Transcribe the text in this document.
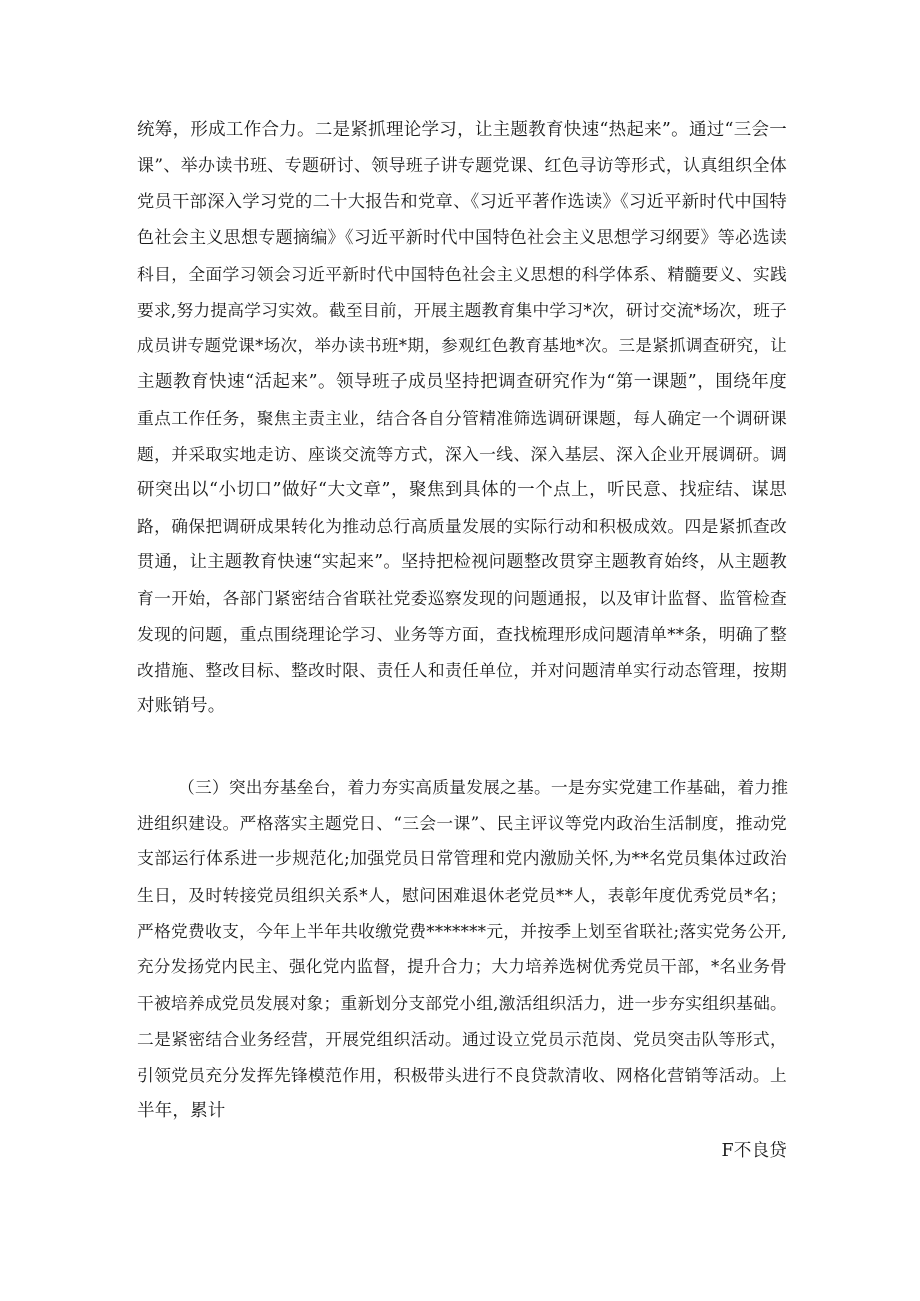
统筹，形成工作合力。二是紧抓理论学习，让主题教育快速“热起来”。通过“三会一
课”、举办读书班、专题研讨、领导班子讲专题党课、红色寻访等形式，认真组织全体
党员干部深入学习党的二十大报告和党章、《习近平著作选读》《习近平新时代中国特
色社会主义思想专题摘编》《习近平新时代中国特色社会主义思想学习纲要》等必选读
科目，全面学习领会习近平新时代中国特色社会主义思想的科学体系、精髓要义、实践
要求,努力提高学习实效。截至目前，开展主题教育集中学习*次，研讨交流*场次，班子
成员讲专题党课*场次，举办读书班*期，参观红色教育基地*次。三是紧抓调查研究，让
主题教育快速“活起来”。领导班子成员坚持把调查研究作为“第一课题”，围绕年度
重点工作任务，聚焦主责主业，结合各自分管精准筛选调研课题，每人确定一个调研课
题，并采取实地走访、座谈交流等方式，深入一线、深入基层、深入企业开展调研。调
研突出以“小切口”做好“大文章”，聚焦到具体的一个点上，听民意、找症结、谋思
路，确保把调研成果转化为推动总行高质量发展的实际行动和积极成效。四是紧抓查改
贯通，让主题教育快速“实起来”。坚持把检视问题整改贯穿主题教育始终，从主题教
育一开始，各部门紧密结合省联社党委巡察发现的问题通报，以及审计监督、监管检查
发现的问题，重点围绕理论学习、业务等方面，查找梳理形成问题清单**条，明确了整
改措施、整改目标、整改时限、责任人和责任单位，并对问题清单实行动态管理，按期
对账销号。
（三）突出夯基垒台，着力夯实高质量发展之基。一是夯实党建工作基础，着力推
进组织建设。严格落实主题党日、“三会一课”、民主评议等党内政治生活制度，推动党
支部运行体系进一步规范化;加强党员日常管理和党内激励关怀,为**名党员集体过政治
生日，及时转接党员组织关系*人，慰问困难退休老党员**人，表彰年度优秀党员*名；
严格党费收支，今年上半年共收缴党费*******元，并按季上划至省联社;落实党务公开,
充分发扬党内民主、强化党内监督，提升合力；大力培养选树优秀党员干部，*名业务骨
干被培养成党员发展对象；重新划分支部党小组,激活组织活力，进一步夯实组织基础。
二是紧密结合业务经营，开展党组织活动。通过设立党员示范岗、党员突击队等形式，
引领党员充分发挥先锋模范作用，积极带头进行不良贷款清收、网格化营销等活动。上
半年，累计
F不良贷
